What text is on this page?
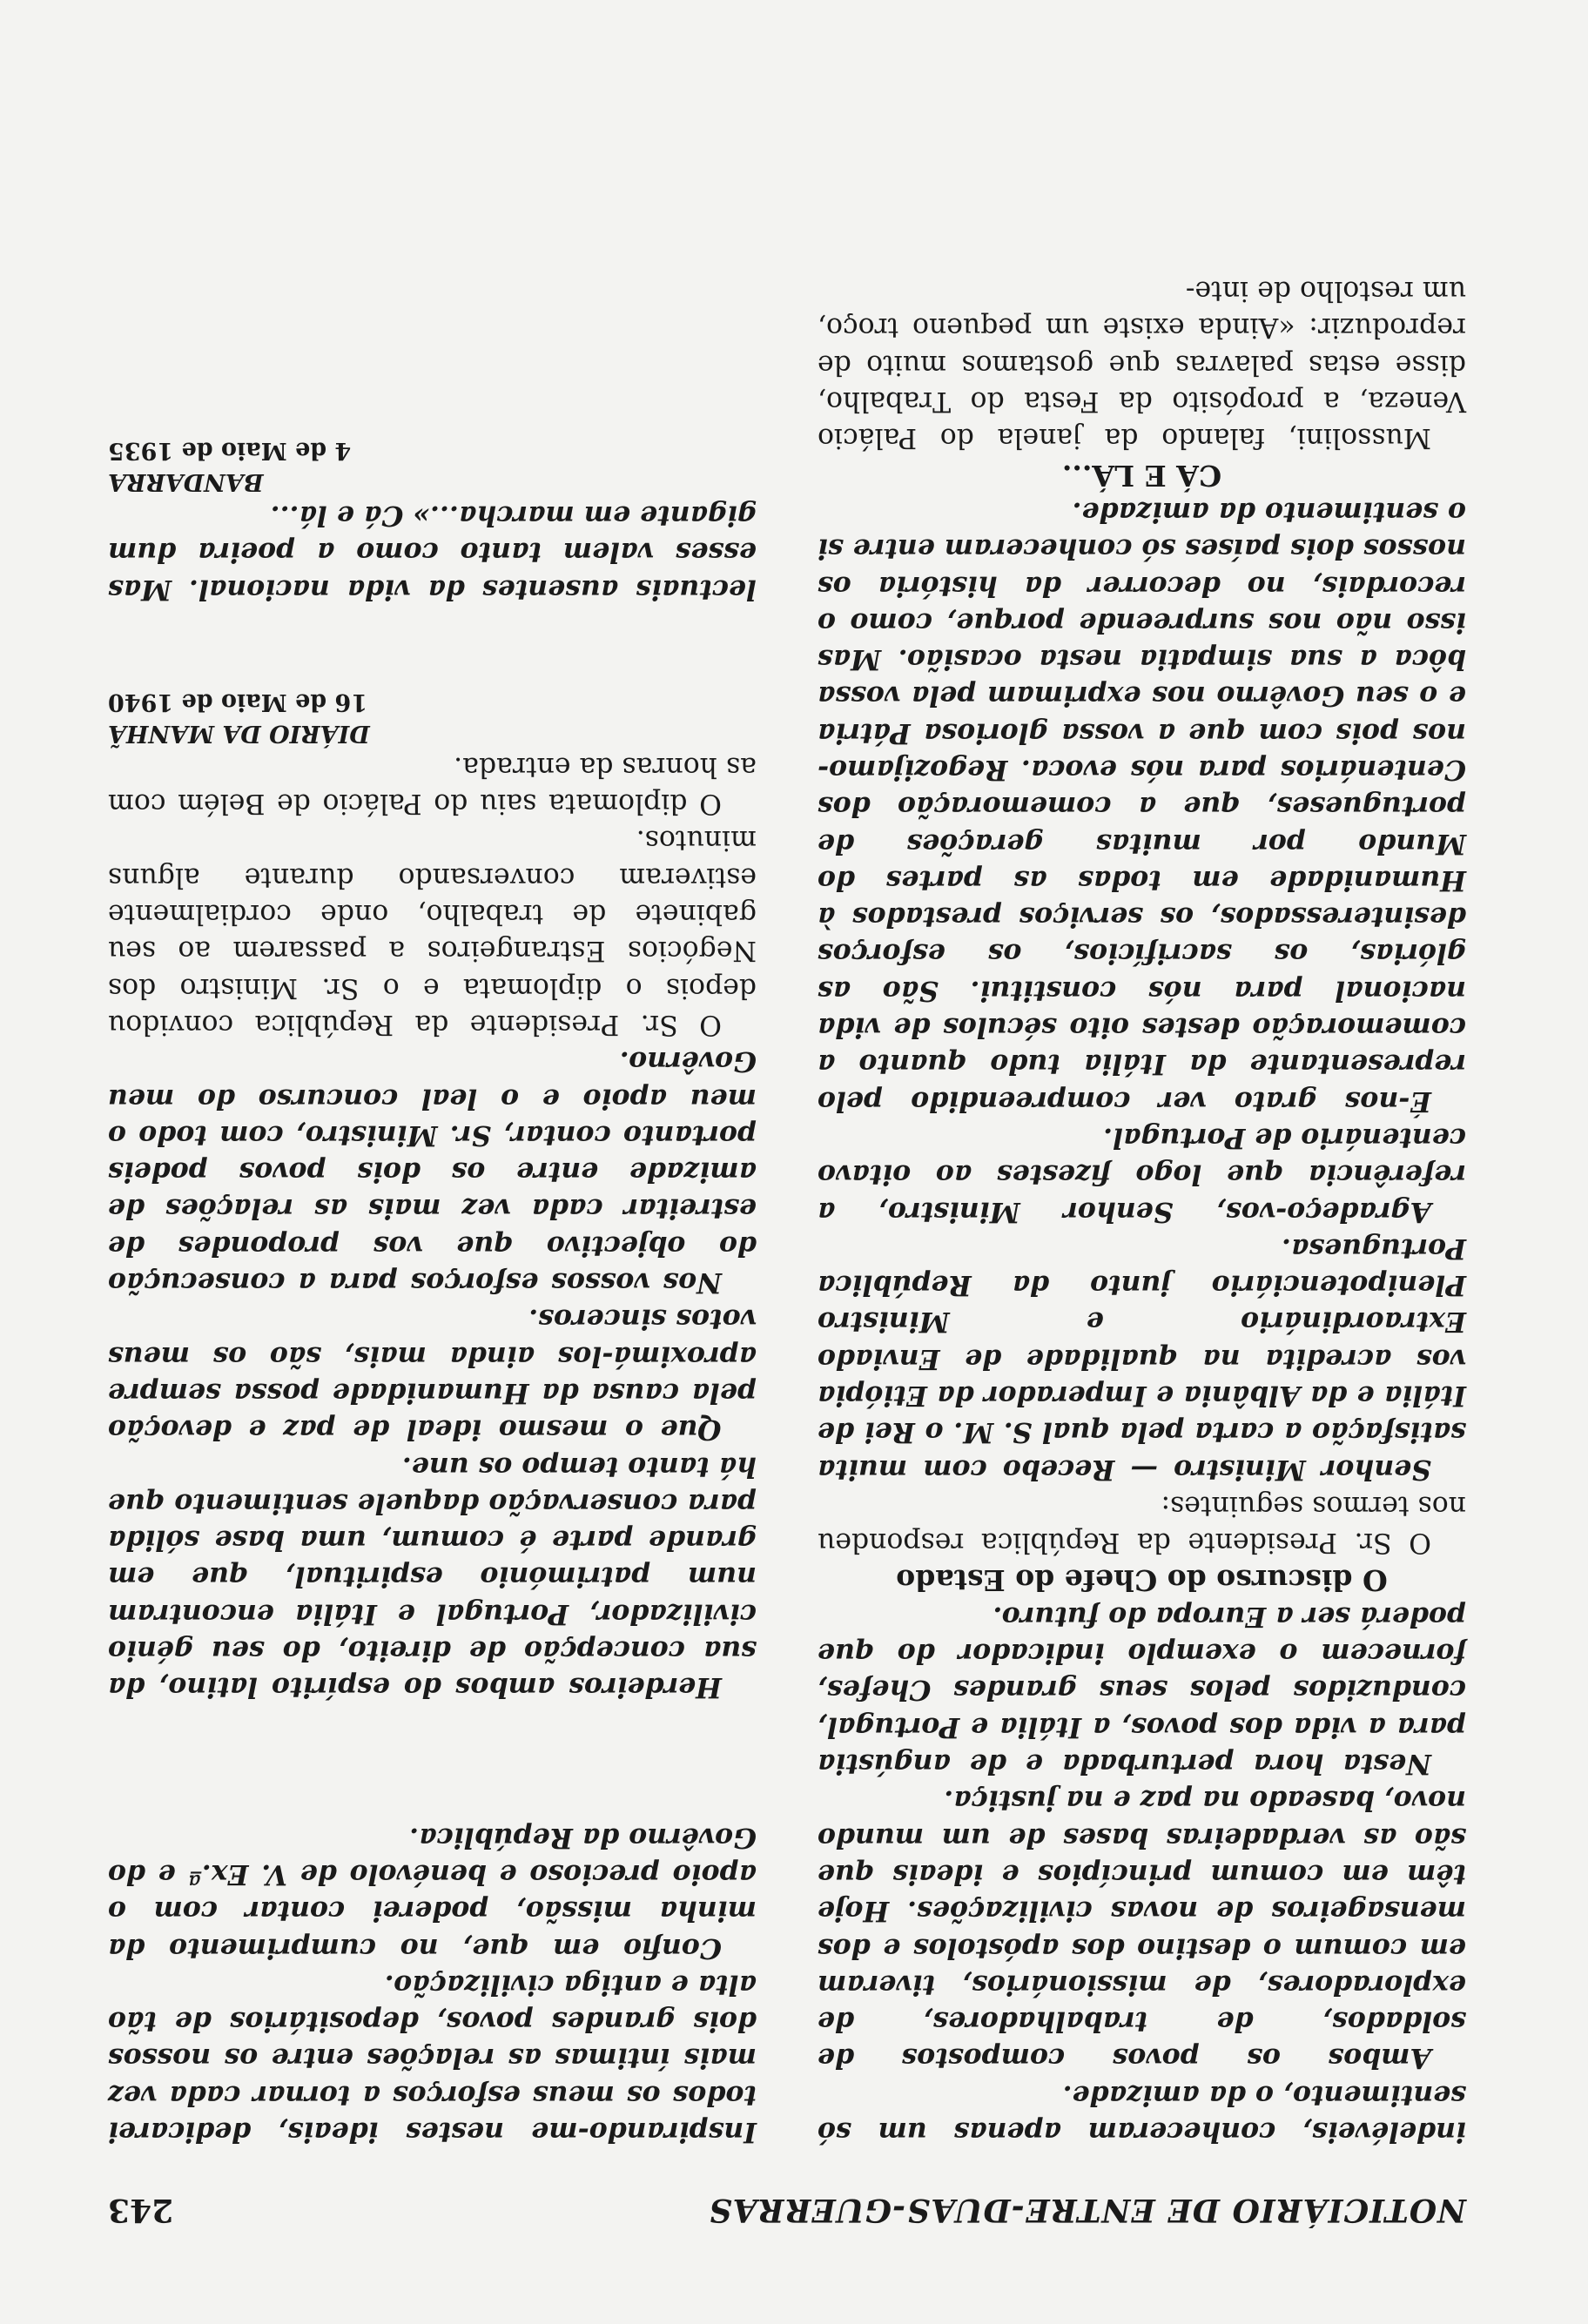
NOTICIÁRIO DE ENTRE-DUAS-GUERRAS
243

indeléveis, conheceram apenas um só sentimento, o da amizade.

Ambos os povos compostos de soldados, de trabalhadores, de exploradores, de missionários, tiveram em comum o destino dos apóstolos e dos mensageiros de novas civilizações. Hoje têm em comum princípios e ideais que são as verdadeiras bases de um mundo novo, baseado na paz e na justiça.

Nesta hora perturbada e de angústia para a vida dos povos, a Itália e Portugal, conduzidos pelos seus grandes Chefes, fornecem o exemplo indicador do que poderá ser a Europa do futuro.

O discurso do Chefe do Estado

O Sr. Presidente da República respondeu nos termos seguintes:

Senhor Ministro — Recebo com muita satisfação a carta pela qual S. M. o Rei de Itália e da Albânia e Imperador da Etiópia vos acredita na qualidade de Enviado Extraordinário e Ministro Plenipotenciário junto da República Portuguesa.

Agradeço-vos, Senhor Ministro, a referência que logo fizestes ao oitavo centenário de Portugal.

É-nos grato ver compreendido pelo representante da Itália tudo quanto a comemoração destes oito séculos de vida nacional para nós constitui. São as glórias, os sacrifícios, os esforços desinteressados, os serviços prestados à Humanidade em todas as partes do Mundo por muitas gerações de portugueses, que a comemoração dos Centenários para nós evoca. Regozijamo-nos pois com que a vossa gloriosa Pátria e o seu Govêrno nos exprimam pela vossa bôca a sua simpatia nesta ocasião. Mas isso não nos surpreende porque, como o recordais, no decorrer da história os nossos dois países só conheceram entre si o sentimento da amizade.

CÁ E LÁ...

Mussolini, falando da janela do Palácio Veneza, a propósito da Festa do Trabalho, disse estas palavras que gostamos muito de reproduzir: «Ainda existe um pequeno troço, um restolho de inte-

Inspirando-me nestes ideais, dedicarei todos os meus esforços a tornar cada vez mais íntimas as relações entre os nossos dois grandes povos, depositários de tão alta e antiga civilização.

Confio em que, no cumprimento da minha missão, poderei contar com o apoio precioso e benévolo de V. Ex.ª e do Govêrno da República.

Herdeiros ambos do espírito latino, da sua concepção de direito, do seu génio civilizador, Portugal e Itália encontram num património espiritual, que em grande parte é comum, uma base sólida para conservação daquele sentimento que há tanto tempo os une.

Que o mesmo ideal de paz e devoção pela causa da Humanidade possa sempre aproximá-los ainda mais, são os meus votos sinceros.

Nos vossos esforços para a consecução do objectivo que vos propondes de estreitar cada vez mais as relações de amizade entre os dois povos podeis portanto contar, Sr. Ministro, com todo o meu apoio e o leal concurso do meu Govêrno.

O Sr. Presidente da República convidou depois o diplomata e o Sr. Ministro dos Negócios Estrangeiros a passarem ao seu gabinete de trabalho, onde cordialmente estiveram conversando durante alguns minutos.

O diplomata saiu do Palácio de Belém com as honras da entrada.

DIÁRIO DA MANHÃ

16 de Maio de 1940

lectuais ausentes da vida nacional. Mas esses valem tanto como a poeira dum gigante em marcha...» Cá e lá...

BANDARRA

4 de Maio de 1935
